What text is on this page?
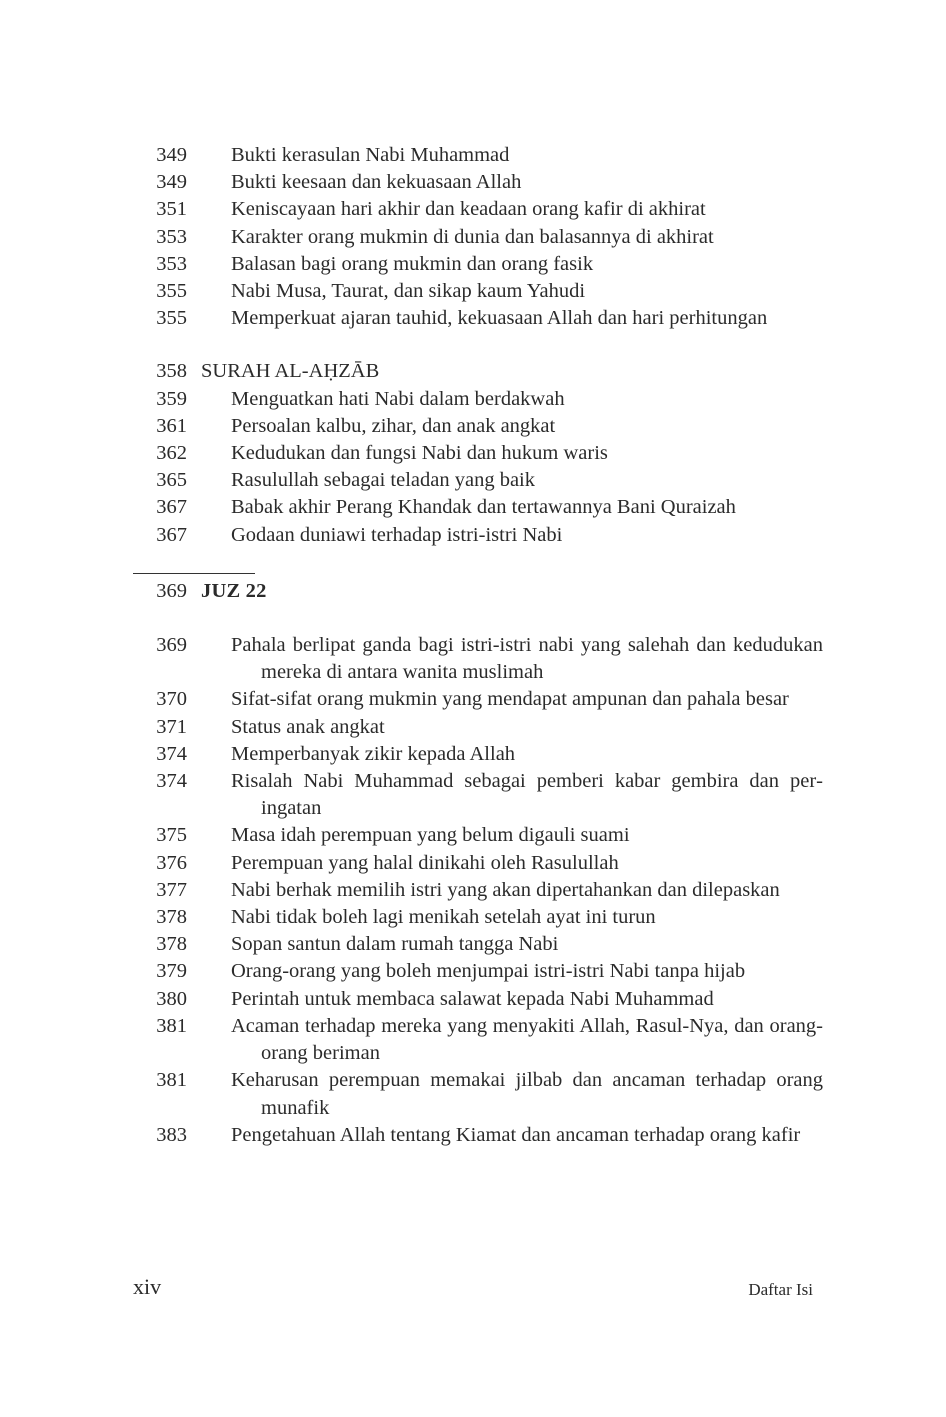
349 Bukti kerasulan Nabi Muhammad
349 Bukti keesaan dan kekuasaan Allah
351 Keniscayaan hari akhir dan keadaan orang kafir di akhirat
353 Karakter orang mukmin di dunia dan balasannya di akhirat
353 Balasan bagi orang mukmin dan orang fasik
355 Nabi Musa, Taurat, dan sikap kaum Yahudi
355 Memperkuat ajaran tauhid, kekuasaan Allah dan hari perhitungan
358 SURAH AL-AḤZĀB
359 Menguatkan hati Nabi dalam berdakwah
361 Persoalan kalbu, zihar, dan anak angkat
362 Kedudukan dan fungsi Nabi dan hukum waris
365 Rasulullah sebagai teladan yang baik
367 Babak akhir Perang Khandak dan tertawannya Bani Quraizah
367 Godaan duniawi terhadap istri-istri Nabi
369 JUZ 22
369 Pahala berlipat ganda bagi istri-istri nabi yang salehah dan kedudukan mereka di antara wanita muslimah
370 Sifat-sifat orang mukmin yang mendapat ampunan dan pahala besar
371 Status anak angkat
374 Memperbanyak zikir kepada Allah
374 Risalah Nabi Muhammad sebagai pemberi kabar gembira dan peringatan
375 Masa idah perempuan yang belum digauli suami
376 Perempuan yang halal dinikahi oleh Rasulullah
377 Nabi berhak memilih istri yang akan dipertahankan dan dilepaskan
378 Nabi tidak boleh lagi menikah setelah ayat ini turun
378 Sopan santun dalam rumah tangga Nabi
379 Orang-orang yang boleh menjumpai istri-istri Nabi tanpa hijab
380 Perintah untuk membaca salawat kepada Nabi Muhammad
381 Acaman terhadap mereka yang menyakiti Allah, Rasul-Nya, dan orang-orang beriman
381 Keharusan perempuan memakai jilbab dan ancaman terhadap orang munafik
383 Pengetahuan Allah tentang Kiamat dan ancaman terhadap orang kafir
xiv	Daftar Isi
